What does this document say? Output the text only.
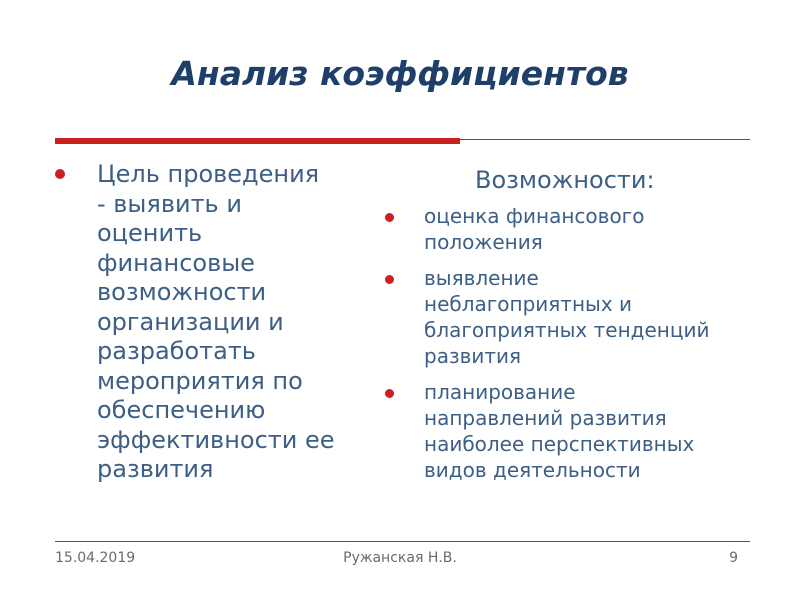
Анализ коэффициентов
Цель проведения
- выявить и
оценить
финансовые
возможности
организации и
разработать
мероприятия по
обеспечению
эффективности ее
развития
Возможности:
оценка финансового
положения
выявление
неблагоприятных и
благоприятных тенденций
развития
планирование
направлений развития
наиболее перспективных
видов деятельности
15.04.2019	Ружанская Н.В.	9
